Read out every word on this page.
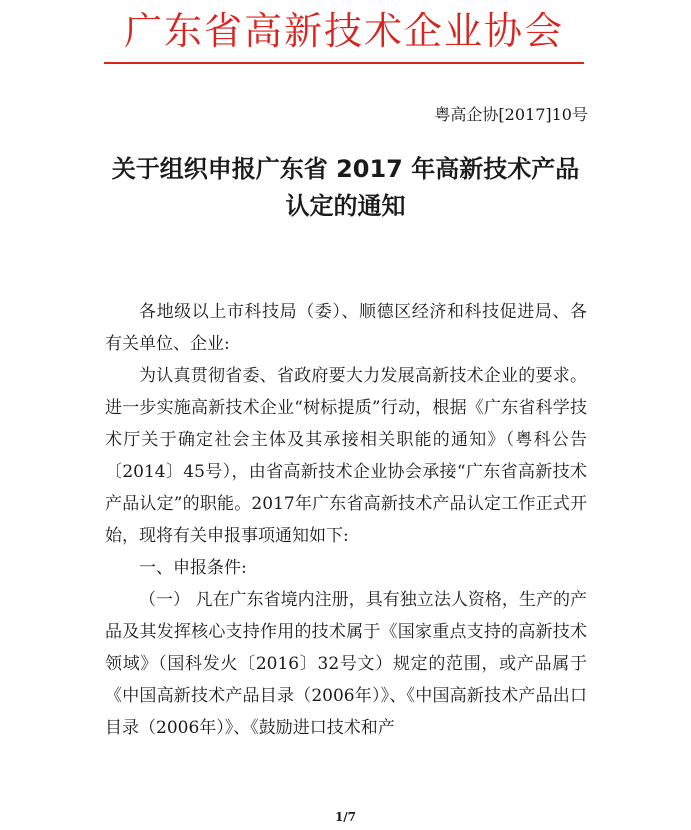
广东省高新技术企业协会
粤高企协[2017]10号
关于组织申报广东省 2017 年高新技术产品
认定的通知

各地级以上市科技局（委）、顺德区经济和科技促进局、各有关单位、企业:

为认真贯彻省委、省政府要大力发展高新技术企业的要求。进一步实施高新技术企业“树标提质”行动，根据《广东省科学技术厅关于确定社会主体及其承接相关职能的通知》（粤科公告〔2014〕45号），由省高新技术企业协会承接“广东省高新技术产品认定”的职能。2017年广东省高新技术产品认定工作正式开始，现将有关申报事项通知如下:

一、申报条件:

（一） 凡在广东省境内注册，具有独立法人资格，生产的产品及其发挥核心支持作用的技术属于《国家重点支持的高新技术领域》（国科发火〔2016〕32号文）规定的范围，或产品属于《中国高新技术产品目录（2006年）》、《中国高新技术产品出口目录（2006年）》、《鼓励进口技术和产

1/7
